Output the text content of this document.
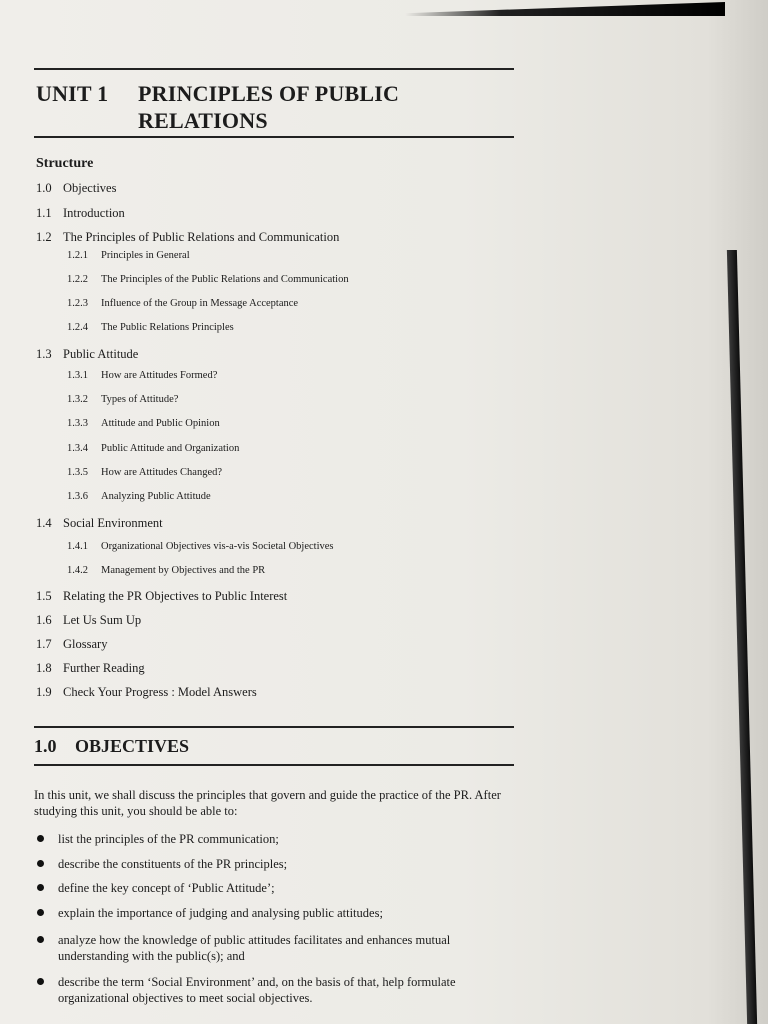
UNIT 1 PRINCIPLES OF PUBLIC
RELATIONS
Structure
1.0 Objectives
1.1 Introduction
1.2 The Principles of Public Relations and Communication
1.2.1 Principles in General
1.2.2 The Principles of the Public Relations and Communication
1.2.3 Influence of the Group in Message Acceptance
1.2.4 The Public Relations Principles
1.3 Public Attitude
1.3.1 How are Attitudes Formed?
1.3.2 Types of Attitude?
1.3.3 Attitude and Public Opinion
1.3.4 Public Attitude and Organization
1.3.5 How are Attitudes Changed?
1.3.6 Analyzing Public Attitude
1.4 Social Environment
1.4.1 Organizational Objectives vis-a-vis Societal Objectives
1.4.2 Management by Objectives and the PR
1.5 Relating the PR Objectives to Public Interest
1.6 Let Us Sum Up
1.7 Glossary
1.8 Further Reading
1.9 Check Your Progress : Model Answers
1.0 OBJECTIVES
In this unit, we shall discuss the principles that govern and guide the practice of the PR. After studying this unit, you should be able to:
list the principles of the PR communication;
describe the constituents of the PR principles;
define the key concept of ‘Public Attitude’;
explain the importance of judging and analysing public attitudes;
analyze how the knowledge of public attitudes facilitates and enhances mutual understanding with the public(s); and
describe the term ‘Social Environment’ and, on the basis of that, help formulate organizational objectives to meet social objectives.
